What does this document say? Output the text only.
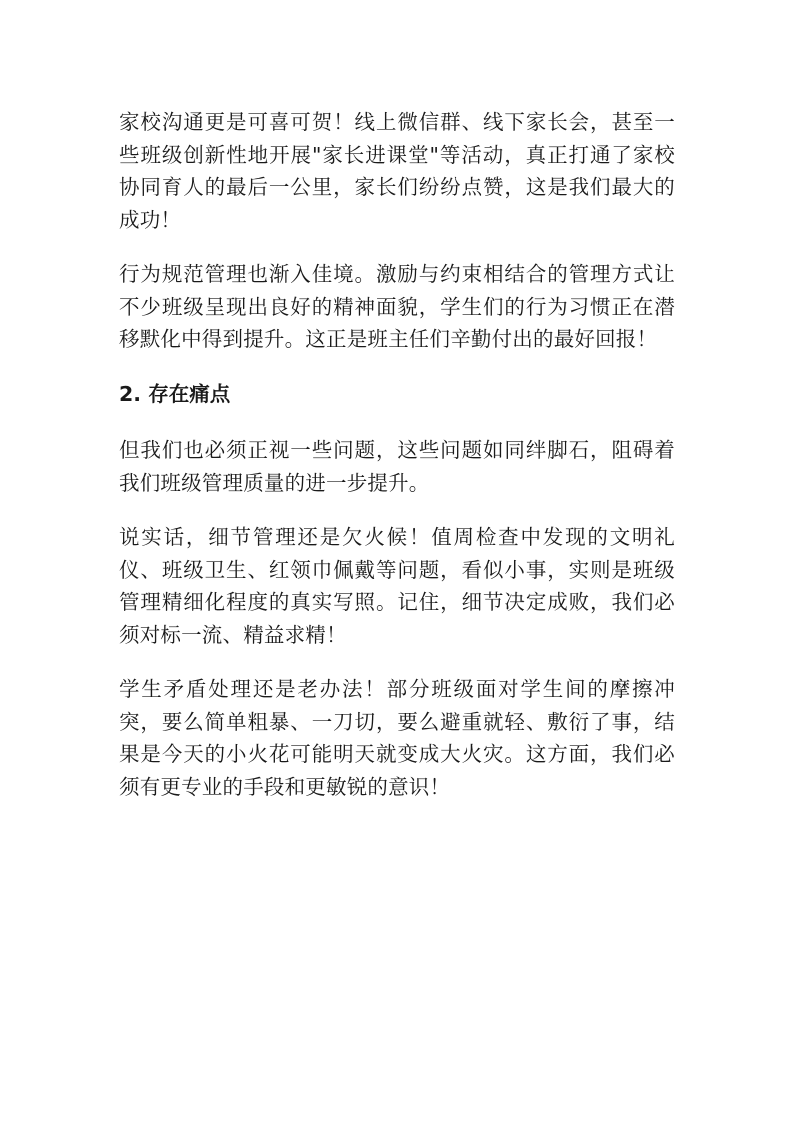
家校沟通更是可喜可贺！线上微信群、线下家长会，甚至一些班级创新性地开展"家长进课堂"等活动，真正打通了家校协同育人的最后一公里，家长们纷纷点赞，这是我们最大的成功！

行为规范管理也渐入佳境。激励与约束相结合的管理方式让不少班级呈现出良好的精神面貌，学生们的行为习惯正在潜移默化中得到提升。这正是班主任们辛勤付出的最好回报！

2. 存在痛点

但我们也必须正视一些问题，这些问题如同绊脚石，阻碍着我们班级管理质量的进一步提升。

说实话，细节管理还是欠火候！值周检查中发现的文明礼仪、班级卫生、红领巾佩戴等问题，看似小事，实则是班级管理精细化程度的真实写照。记住，细节决定成败，我们必须对标一流、精益求精！

学生矛盾处理还是老办法！部分班级面对学生间的摩擦冲突，要么简单粗暴、一刀切，要么避重就轻、敷衍了事，结果是今天的小火花可能明天就变成大火灾。这方面，我们必须有更专业的手段和更敏锐的意识！
